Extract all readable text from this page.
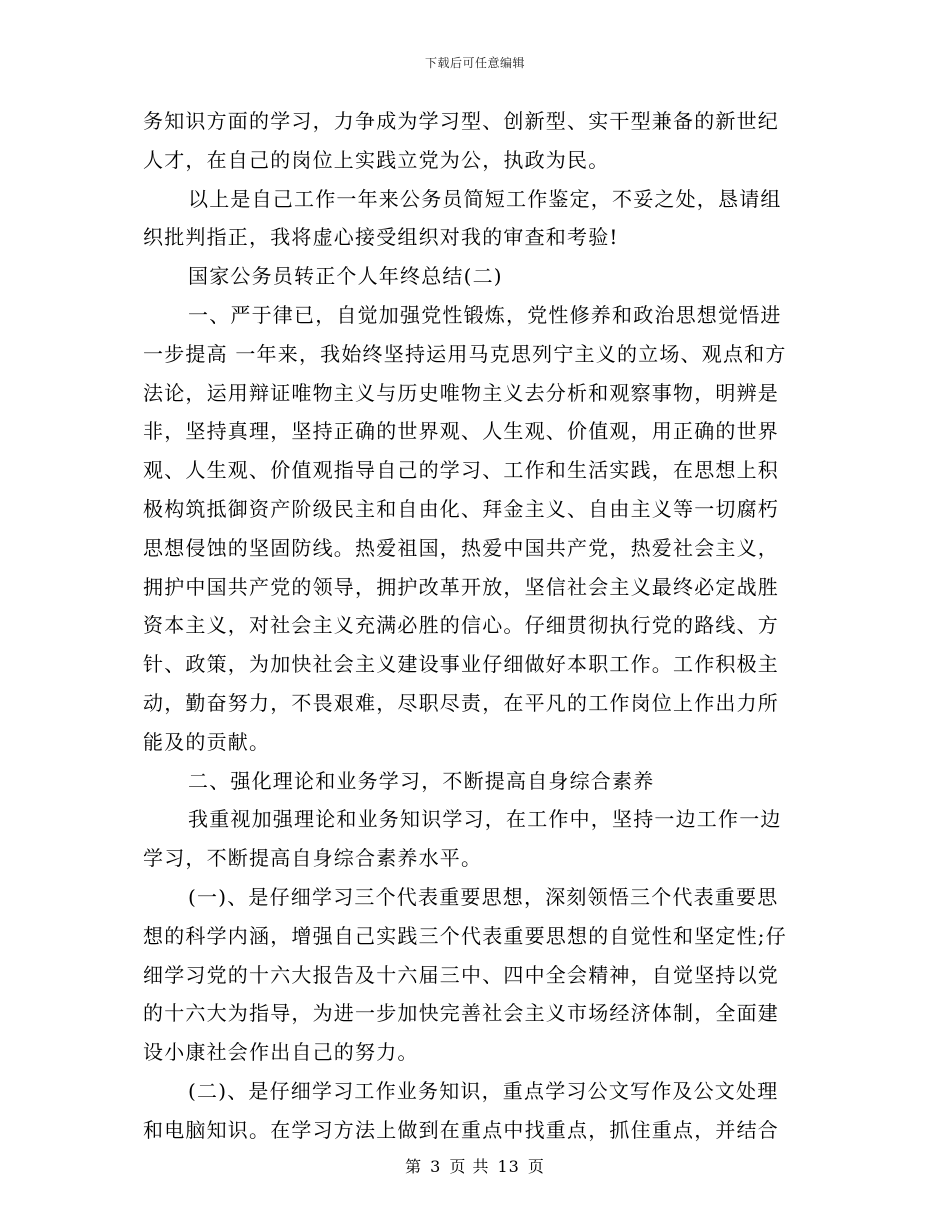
下载后可任意编辑
务知识方面的学习，力争成为学习型、创新型、实干型兼备的新世纪
人才，在自己的岗位上实践立党为公，执政为民。
以上是自己工作一年来公务员简短工作鉴定，不妥之处，恳请组
织批判指正，我将虚心接受组织对我的审查和考验!
国家公务员转正个人年终总结(二)
一、严于律已，自觉加强党性锻炼，党性修养和政治思想觉悟进
一步提高 一年来，我始终坚持运用马克思列宁主义的立场、观点和方
法论，运用辩证唯物主义与历史唯物主义去分析和观察事物，明辨是
非，坚持真理，坚持正确的世界观、人生观、价值观，用正确的世界
观、人生观、价值观指导自己的学习、工作和生活实践，在思想上积
极构筑抵御资产阶级民主和自由化、拜金主义、自由主义等一切腐朽
思想侵蚀的坚固防线。热爱祖国，热爱中国共产党，热爱社会主义，
拥护中国共产党的领导，拥护改革开放，坚信社会主义最终必定战胜
资本主义，对社会主义充满必胜的信心。仔细贯彻执行党的路线、方
针、政策，为加快社会主义建设事业仔细做好本职工作。工作积极主
动，勤奋努力，不畏艰难，尽职尽责，在平凡的工作岗位上作出力所
能及的贡献。
二、强化理论和业务学习，不断提高自身综合素养
我重视加强理论和业务知识学习，在工作中，坚持一边工作一边
学习，不断提高自身综合素养水平。
(一)、是仔细学习三个代表重要思想，深刻领悟三个代表重要思
想的科学内涵，增强自己实践三个代表重要思想的自觉性和坚定性;仔
细学习党的十六大报告及十六届三中、四中全会精神，自觉坚持以党
的十六大为指导，为进一步加快完善社会主义市场经济体制，全面建
设小康社会作出自己的努力。
(二)、是仔细学习工作业务知识，重点学习公文写作及公文处理
和电脑知识。在学习方法上做到在重点中找重点，抓住重点，并结合
第 3 页 共 13 页
